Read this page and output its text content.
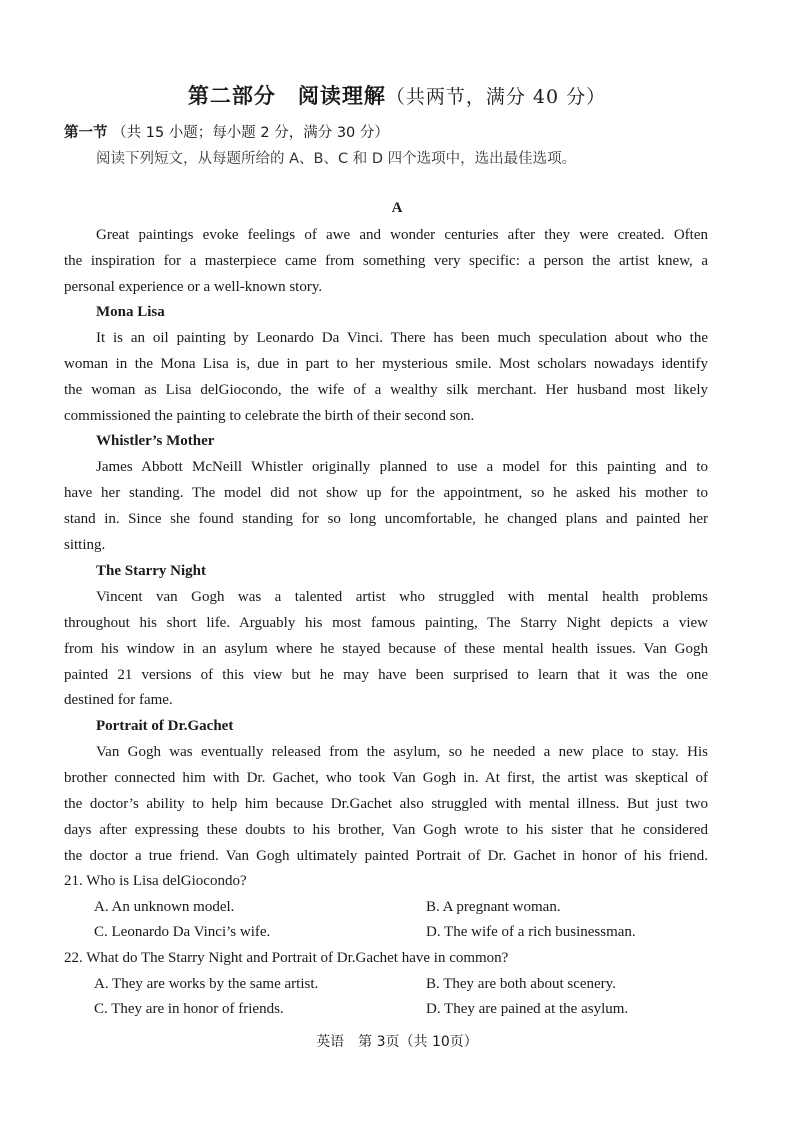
第二部分　阅读理解（共两节，满分 40 分）
第一节 （共 15 小题；每小题 2 分，满分 30 分）
阅读下列短文，从每题所给的 A、B、C 和 D 四个选项中，选出最佳选项。
A
Great paintings evoke feelings of awe and wonder centuries after they were created. Often
the inspiration for a masterpiece came from something very specific: a person the artist knew, a
personal experience or a well-known story.
Mona Lisa
It is an oil painting by Leonardo Da Vinci. There has been much speculation about who the
woman in the Mona Lisa is, due in part to her mysterious smile. Most scholars nowadays identify
the woman as Lisa delGiocondo, the wife of a wealthy silk merchant. Her husband most likely
commissioned the painting to celebrate the birth of their second son.
Whistler’s Mother
James Abbott McNeill Whistler originally planned to use a model for this painting and to
have her standing. The model did not show up for the appointment, so he asked his mother to
stand in. Since she found standing for so long uncomfortable, he changed plans and painted her
sitting.
The Starry Night
Vincent van Gogh was a talented artist who struggled with mental health problems
throughout his short life. Arguably his most famous painting, The Starry Night depicts a view
from his window in an asylum where he stayed because of these mental health issues. Van Gogh
painted 21 versions of this view but he may have been surprised to learn that it was the one
destined for fame.
Portrait of Dr.Gachet
Van Gogh was eventually released from the asylum, so he needed a new place to stay. His
brother connected him with Dr. Gachet, who took Van Gogh in. At first, the artist was skeptical of
the doctor’s ability to help him because Dr.Gachet also struggled with mental illness. But just two
days after expressing these doubts to his brother, Van Gogh wrote to his sister that he considered
the doctor a true friend. Van Gogh ultimately painted Portrait of Dr. Gachet in honor of his friend.
21. Who is Lisa delGiocondo?
A. An unknown model.	B. A pregnant woman.
C. Leonardo Da Vinci’s wife.	D. The wife of a rich businessman.
22. What do The Starry Night and Portrait of Dr.Gachet have in common?
A. They are works by the same artist.	B. They are both about scenery.
C. They are in honor of friends.	D. They are pained at the asylum.
英语　第 3页（共 10页）
